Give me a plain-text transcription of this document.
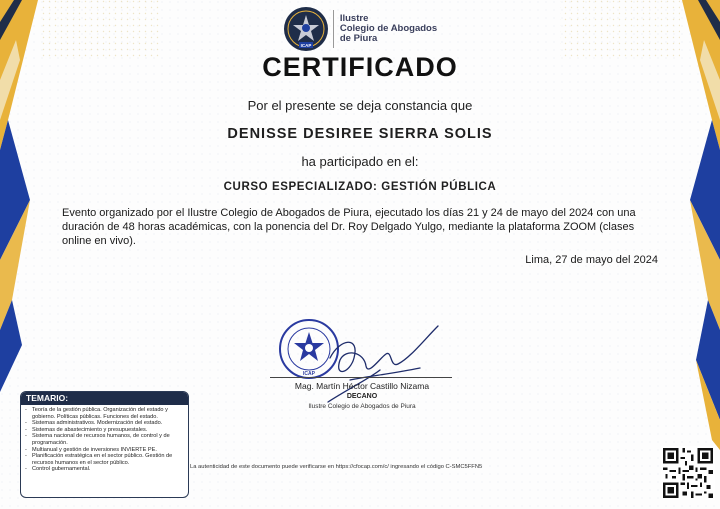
ICAP
Ilustre
Colegio de Abogados
de Piura
CERTIFICADO
Por el presente se deja constancia que
DENISSE DESIREE SIERRA SOLIS
ha participado en el:
CURSO ESPECIALIZADO: GESTIÓN PÚBLICA
Evento organizado por el Ilustre Colegio de Abogados de Piura, ejecutado los días 21 y 24 de mayo del 2024 con una duración de 48 horas académicas, con la ponencia del Dr. Roy Delgado Yulgo, mediante la plataforma ZOOM (clases online en vivo).
Lima, 27 de mayo del 2024
ICAP
Mag. Martín Héctor Castillo Nizama
DECANO
Ilustre Colegio de Abogados de Piura
TEMARIO:
- Teoría de la gestión pública. Organización del estado y gobierno. Políticas públicas. Funciones del estado.
- Sistemas administrativos. Modernización del estado.
- Sistemas de abastecimiento y presupuestales.
- Sistema nacional de recursos humanos, de control y de programación.
- Multianual y gestión de inversiones INVIERTE PE.
- Planificación estratégica en el sector público. Gestión de recursos humanos en el sector público.
- Control gubernamental.	La autenticidad de este documento puede verificarse en https://cfocap.com/c/ ingresando el código C-SMC5FFN5
